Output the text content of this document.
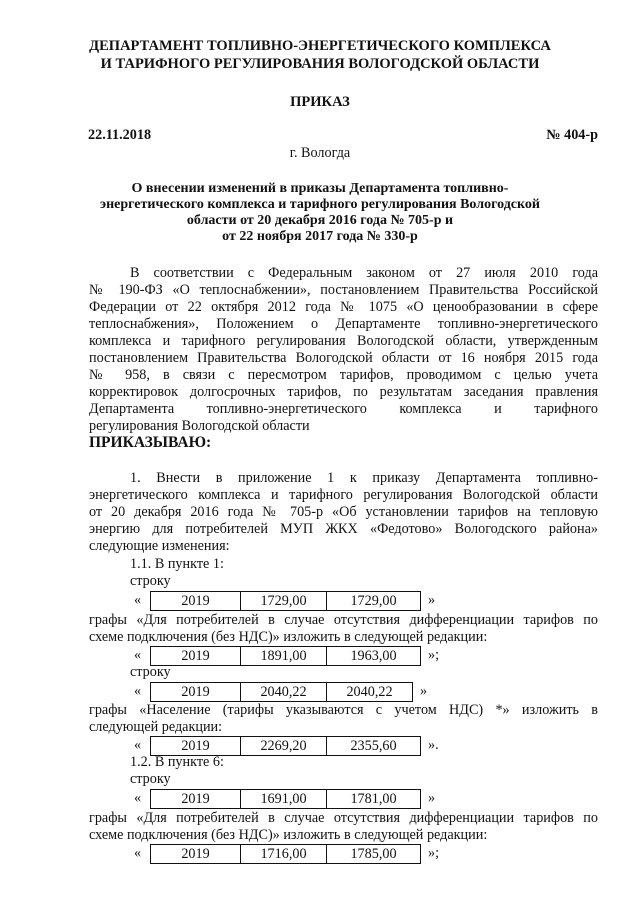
ДЕПАРТАМЕНТ ТОПЛИВНО-ЭНЕРГЕТИЧЕСКОГО КОМПЛЕКСА
И ТАРИФНОГО РЕГУЛИРОВАНИЯ ВОЛОГОДСКОЙ ОБЛАСТИ
ПРИКАЗ
22.11.2018	№ 404-р
г. Вологда
О внесении изменений в приказы Департамента топливно-
энергетического комплекса и тарифного регулирования Вологодской
области от 20 декабря 2016 года № 705-р и
от 22 ноября 2017 года № 330-р
В соответствии с Федеральным законом от 27 июля 2010 года
№ 190-ФЗ «О теплоснабжении», постановлением Правительства Российской
Федерации от 22 октября 2012 года № 1075 «О ценообразовании в сфере
теплоснабжения», Положением о Департаменте топливно-энергетического
комплекса и тарифного регулирования Вологодской области, утвержденным
постановлением Правительства Вологодской области от 16 ноября 2015 года
№ 958, в связи с пересмотром тарифов, проводимом с целью учета
корректировок долгосрочных тарифов, по результатам заседания правления
Департамента топливно-энергетического комплекса и тарифного
регулирования Вологодской области
ПРИКАЗЫВАЮ:
1. Внести в приложение 1 к приказу Департамента топливно-
энергетического комплекса и тарифного регулирования Вологодской области
от 20 декабря 2016 года № 705-р «Об установлении тарифов на тепловую
энергию для потребителей МУП ЖКХ «Федотово» Вологодского района»
следующие изменения:
1.1. В пункте 1:
строку
«	2019	1729,00	1729,00	»
графы «Для потребителей в случае отсутствия дифференциации тарифов по
схеме подключения (без НДС)» изложить в следующей редакции:
«	2019	1891,00	1963,00	»;
строку
«	2019	2040,22	2040,22	»
графы «Население (тарифы указываются с учетом НДС) *» изложить в
следующей редакции:
«	2019	2269,20	2355,60	».
1.2. В пункте 6:
строку
«	2019	1691,00	1781,00	»
графы «Для потребителей в случае отсутствия дифференциации тарифов по
схеме подключения (без НДС)» изложить в следующей редакции:
«	2019	1716,00	1785,00	»;
